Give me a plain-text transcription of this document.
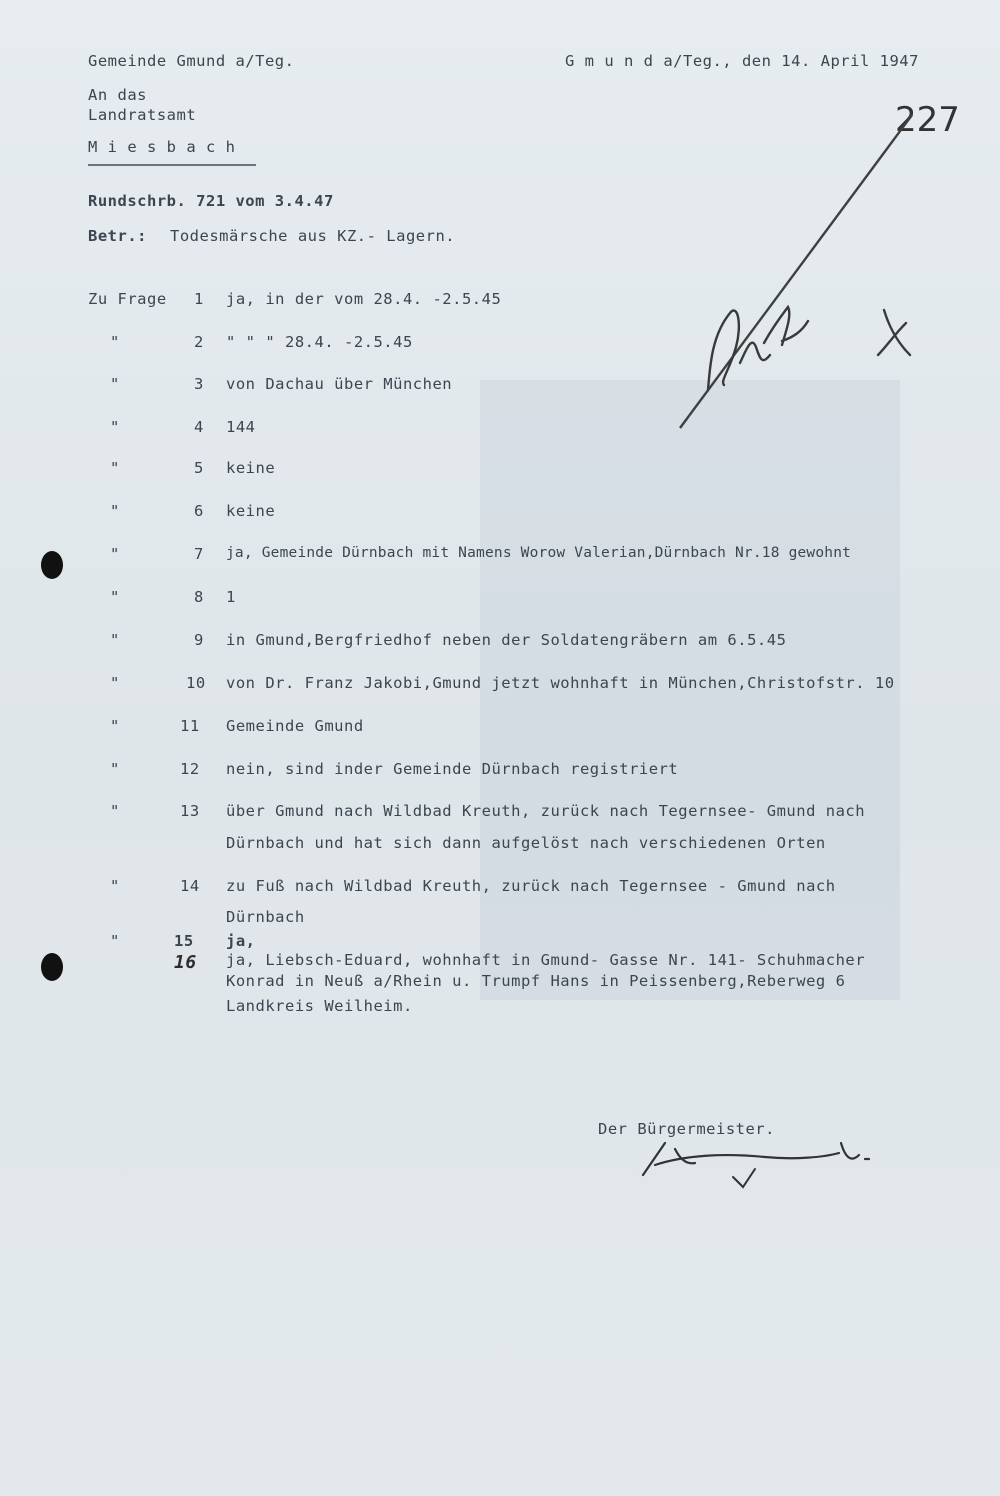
Gemeinde Gmund a/Teg.	G m u n d a/Teg., den 14. April 1947
An das
Landratsamt
M i e s b a c h
Rundschrb. 721 vom 3.4.47
Betr.: Todesmärsche aus KZ.- Lagern.
227
Zu Frage 1 ja, in der vom 28.4. -2.5.45
"	2 " " " 28.4. -2.5.45
"	3 von Dachau über München
"	4 144
"	5 keine
"	6 keine
"	7 ja, Gemeinde Dürnbach mit Namens Worow Valerian,Dürnbach Nr.18 gewohnt
"	8 1
"	9 in Gmund,Bergfriedhof neben der Soldatengräbern am 6.5.45
"	10 von Dr. Franz Jakobi,Gmund jetzt wohnhaft in München,Christofstr. 10
"	11 Gemeinde Gmund
"	12 nein, sind inder Gemeinde Dürnbach registriert
"	13 über Gmund nach Wildbad Kreuth, zurück nach Tegernsee- Gmund nach
Dürnbach und hat sich dann aufgelöst nach verschiedenen Orten
"	14 zu Fuß nach Wildbad Kreuth, zurück nach Tegernsee - Gmund nach
Dürnbach
"	15 ja,
16 ja, Liebsch-Eduard, wohnhaft in Gmund- Gasse Nr. 141- Schuhmacher
Konrad in Neuß a/Rhein u. Trumpf Hans in Peissenberg,Reberweg 6
Landkreis Weilheim.
Der Bürgermeister.
